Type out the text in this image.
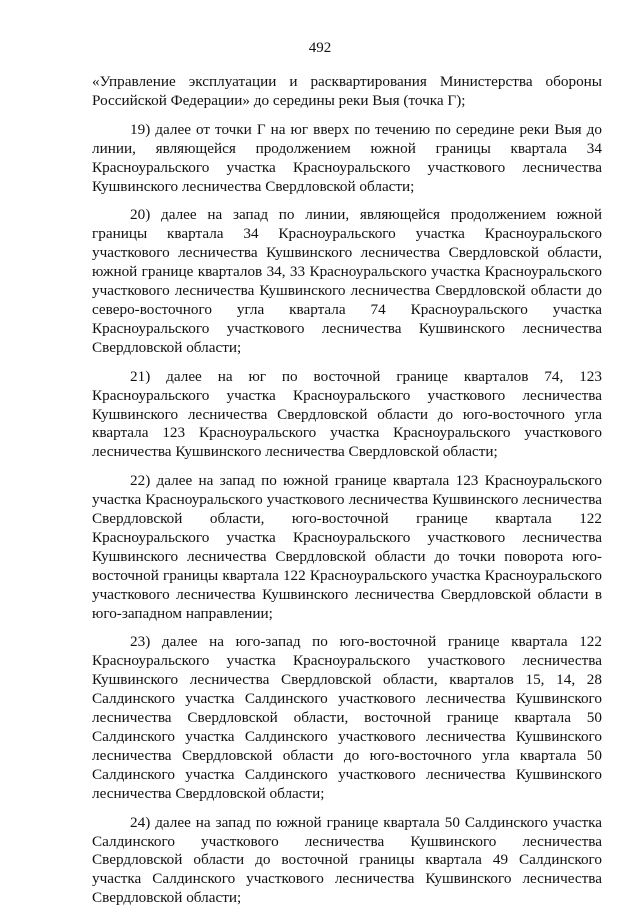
492

«Управление эксплуатации и расквартирования Министерства обороны Российской Федерации» до середины реки Выя (точка Г);

19) далее от точки Г на юг вверх по течению по середине реки Выя до линии, являющейся продолжением южной границы квартала 34 Красноуральского участка Красноуральского участкового лесничества Кушвинского лесничества Свердловской области;

20) далее на запад по линии, являющейся продолжением южной границы квартала 34 Красноуральского участка Красноуральского участкового лесничества Кушвинского лесничества Свердловской области, южной границе кварталов 34, 33 Красноуральского участка Красноуральского участкового лесничества Кушвинского лесничества Свердловской области до северо-восточного угла квартала 74 Красноуральского участка Красноуральского участкового лесничества Кушвинского лесничества Свердловской области;

21) далее на юг по восточной границе кварталов 74, 123 Красноуральского участка Красноуральского участкового лесничества Кушвинского лесничества Свердловской области до юго-восточного угла квартала 123 Красноуральского участка Красноуральского участкового лесничества Кушвинского лесничества Свердловской области;

22) далее на запад по южной границе квартала 123 Красноуральского участка Красноуральского участкового лесничества Кушвинского лесничества Свердловской области, юго-восточной границе квартала 122 Красноуральского участка Красноуральского участкового лесничества Кушвинского лесничества Свердловской области до точки поворота юго-восточной границы квартала 122 Красноуральского участка Красноуральского участкового лесничества Кушвинского лесничества Свердловской области в юго-западном направлении;

23) далее на юго-запад по юго-восточной границе квартала 122 Красноуральского участка Красноуральского участкового лесничества Кушвинского лесничества Свердловской области, кварталов 15, 14, 28 Салдинского участка Салдинского участкового лесничества Кушвинского лесничества Свердловской области, восточной границе квартала 50 Салдинского участка Салдинского участкового лесничества Кушвинского лесничества Свердловской области до юго-восточного угла квартала 50 Салдинского участка Салдинского участкового лесничества Кушвинского лесничества Свердловской области;

24) далее на запад по южной границе квартала 50 Салдинского участка Салдинского участкового лесничества Кушвинского лесничества Свердловской области до восточной границы квартала 49 Салдинского участка Салдинского участкового лесничества Кушвинского лесничества Свердловской области;
